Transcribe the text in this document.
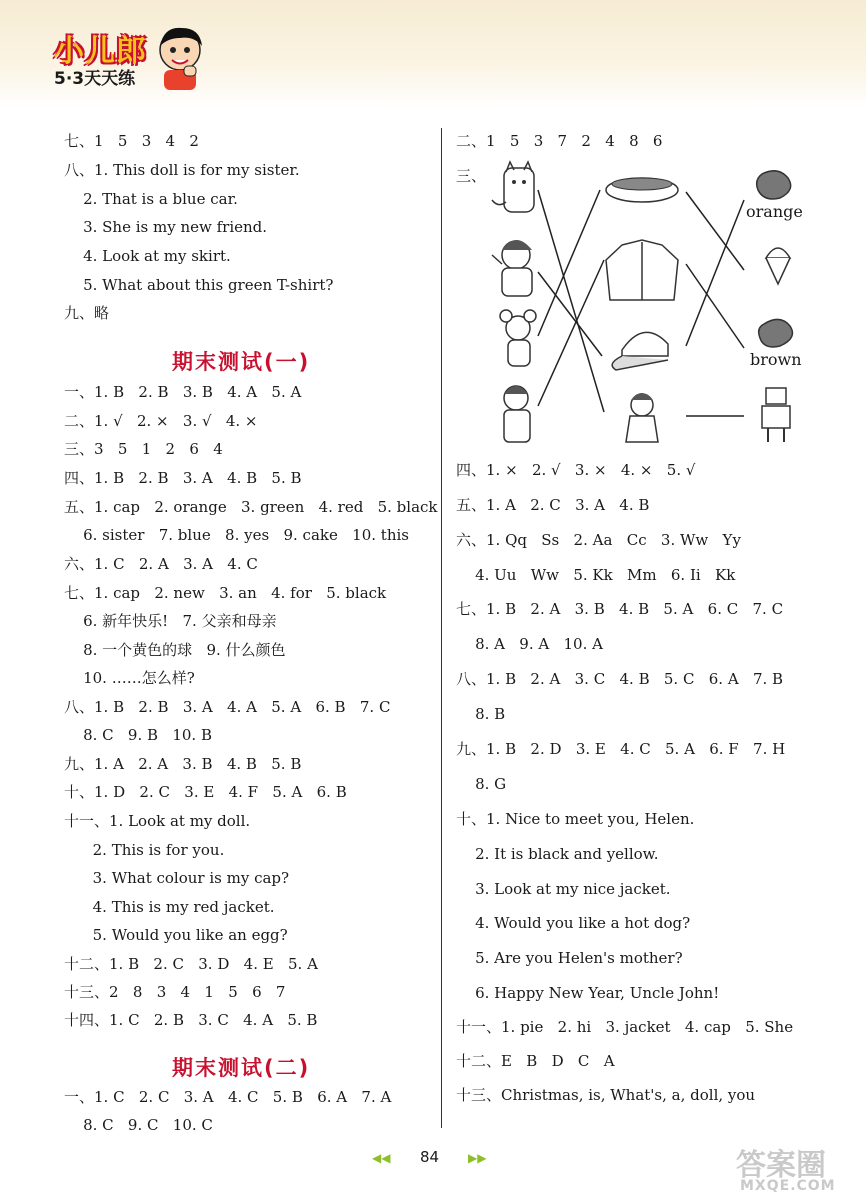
小儿郎
5·3天天练
七、1   5   3   4   2
八、1. This doll is for my sister.
2. That is a blue car.
3. She is my new friend.
4. Look at my skirt.
5. What about this green T-shirt?
九、略
期末测试(一)
一、1. B   2. B   3. B   4. A   5. A
二、1. √   2. ×   3. √   4. ×
三、3   5   1   2   6   4
四、1. B   2. B   3. A   4. B   5. B
五、1. cap   2. orange   3. green   4. red   5. black
6. sister   7. blue   8. yes   9. cake   10. this
六、1. C   2. A   3. A   4. C
七、1. cap   2. new   3. an   4. for   5. black
6. 新年快乐!   7. 父亲和母亲
8. 一个黄色的球   9. 什么颜色
10. ……怎么样?
八、1. B   2. B   3. A   4. A   5. A   6. B   7. C
8. C   9. B   10. B
九、1. A   2. A   3. B   4. B   5. B
十、1. D   2. C   3. E   4. F   5. A   6. B
十一、1. Look at my doll.
2. This is for you.
3. What colour is my cap?
4. This is my red jacket.
5. Would you like an egg?
十二、1. B   2. C   3. D   4. E   5. A
十三、2   8   3   4   1   5   6   7
十四、1. C   2. B   3. C   4. A   5. B
期末测试(二)
一、1. C   2. C   3. A   4. C   5. B   6. A   7. A
8. C   9. C   10. C
二、1   5   3   7   2   4   8   6
三、
orange
brown
四、1. ×   2. √   3. ×   4. ×   5. √
五、1. A   2. C   3. A   4. B
六、1. Qq   Ss   2. Aa   Cc   3. Ww   Yy
4. Uu   Ww   5. Kk   Mm   6. Ii   Kk
七、1. B   2. A   3. B   4. B   5. A   6. C   7. C
8. A   9. A   10. A
八、1. B   2. A   3. C   4. B   5. C   6. A   7. B
8. B
九、1. B   2. D   3. E   4. C   5. A   6. F   7. H
8. G
十、1. Nice to meet you, Helen.
2. It is black and yellow.
3. Look at my nice jacket.
4. Would you like a hot dog?
5. Are you Helen's mother?
6. Happy New Year, Uncle John!
十一、1. pie   2. hi   3. jacket   4. cap   5. She
十二、E   B   D   C   A
十三、Christmas, is, What's, a, doll, you
◀◀ 84 ▶▶	答案圈
MXQE.COM
